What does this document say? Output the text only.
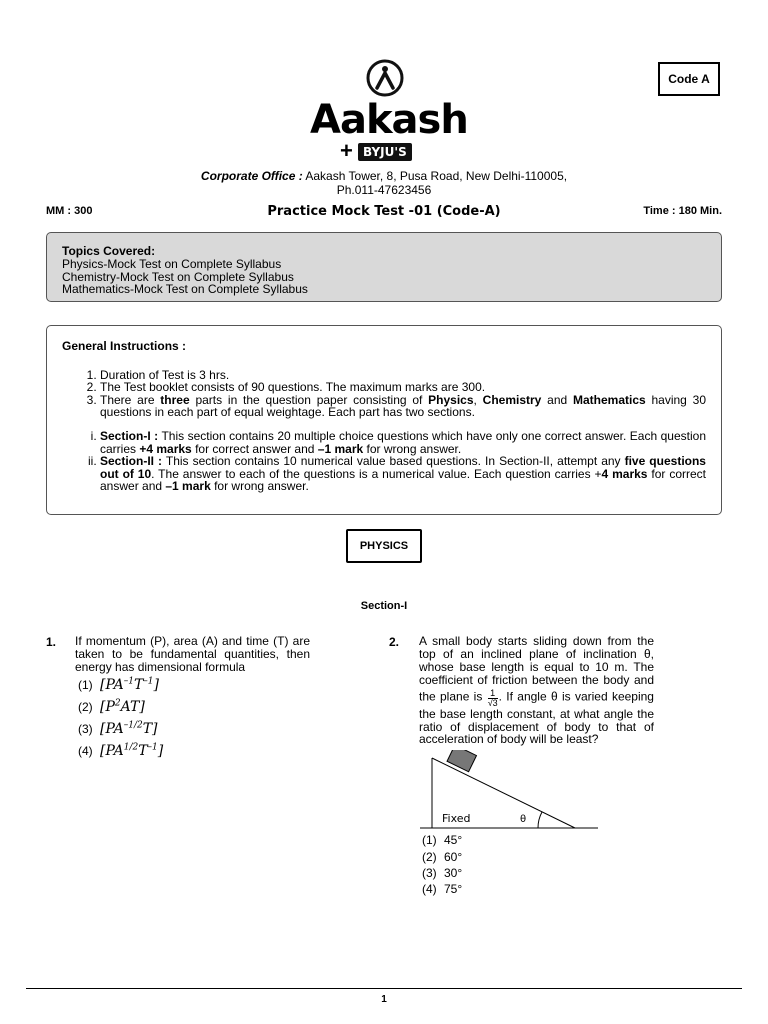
Aakash
+ BYJU'S
Code A
Corporate Office : Aakash Tower, 8, Pusa Road, New Delhi-110005,
Ph.011-47623456
MM : 300	Practice Mock Test -01 (Code-A)	Time : 180 Min.
Topics Covered:
Physics-Mock Test on Complete Syllabus
Chemistry-Mock Test on Complete Syllabus
Mathematics-Mock Test on Complete Syllabus
General Instructions :
1. Duration of Test is 3 hrs.
2. The Test booklet consists of 90 questions. The maximum marks are 300.
3. There are three parts in the question paper consisting of Physics, Chemistry and Mathematics having 30 questions in each part of equal weightage. Each part has two sections.
i. Section-I : This section contains 20 multiple choice questions which have only one correct answer. Each question carries +4 marks for correct answer and –1 mark for wrong answer.
ii. Section-II : This section contains 10 numerical value based questions. In Section-II, attempt any five questions out of 10. The answer to each of the questions is a numerical value. Each question carries +4 marks for correct answer and –1 mark for wrong answer.
PHYSICS
Section-I
1. If momentum (P), area (A) and time (T) are taken to be fundamental quantities, then energy has dimensional formula
(1) $[PA^{-1}T^{-1}]$
(2) $[P^2AT]$
(3) $[PA^{-1/2}T]$
(4) $[PA^{1/2}T^{-1}]$
2. A small body starts sliding down from the top of an inclined plane of inclination θ, whose base length is equal to 10 m. The coefficient of friction between the body and the plane is $\frac{1}{√3}$ . If angle θ is varied keeping the base length constant, at what angle the ratio of displacement of body to that of acceleration of body will be least?
Fixed	θ
(1) 45°
(2) 60°
(3) 30°
(4) 75°
1
